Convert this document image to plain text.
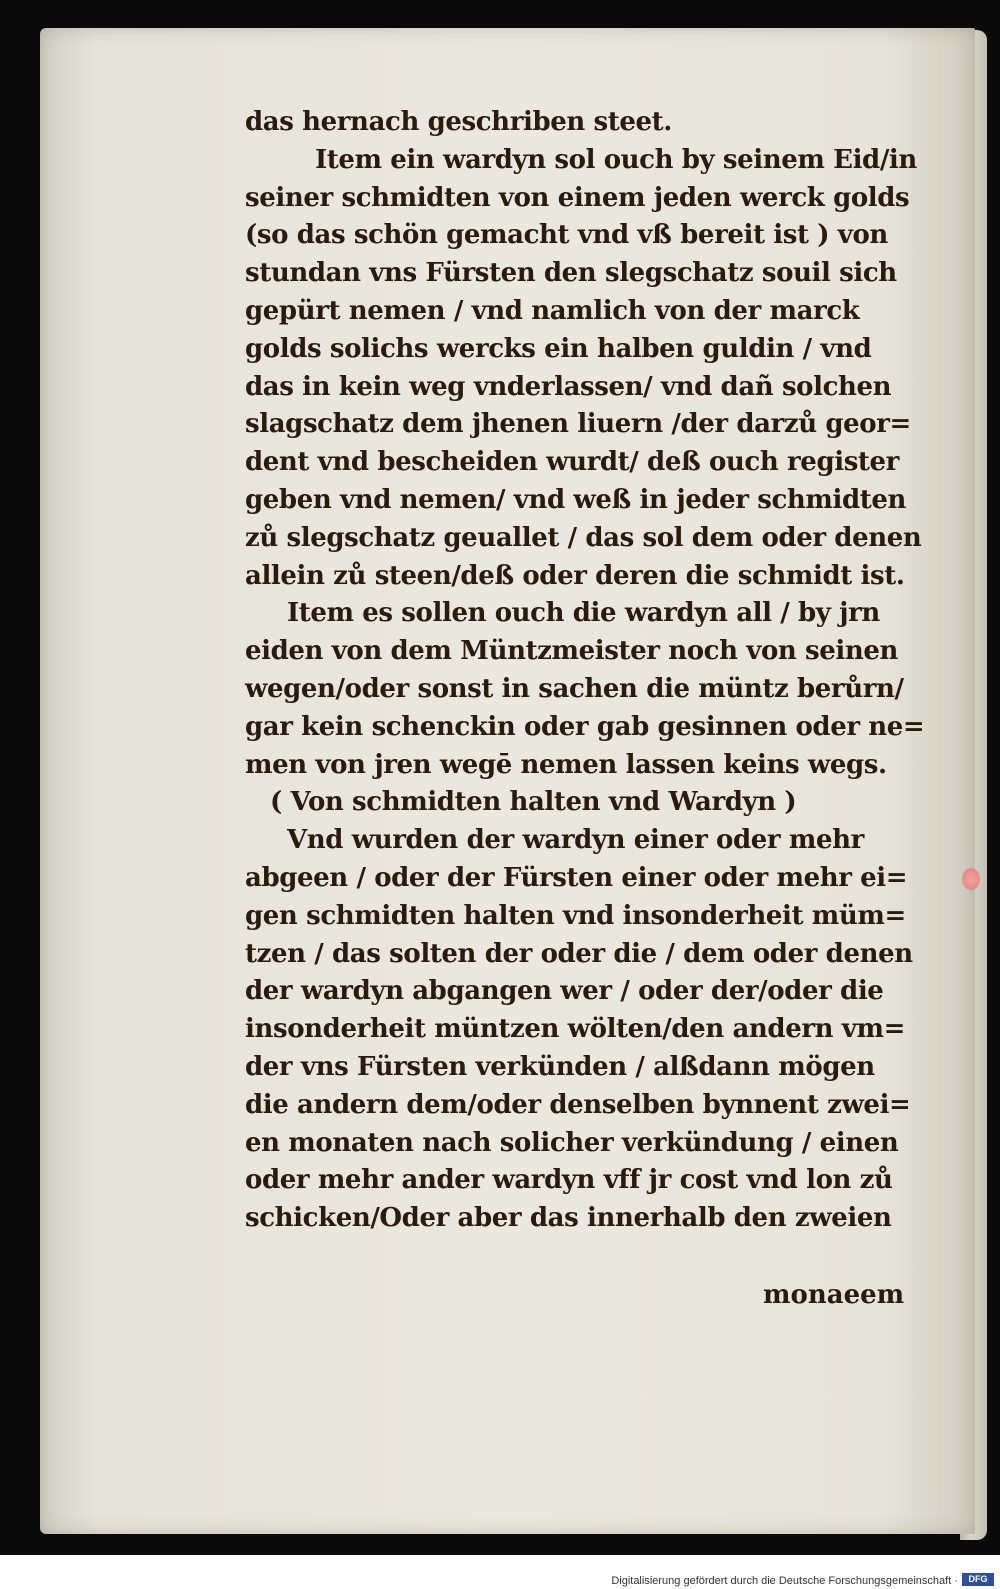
das hernach geschriben steet.
Item ein wardyn sol ouch by seinem Eid/in
seiner schmidten von einem jeden werck golds
(so das schön gemacht vnd vß bereit ist ) von
stundan vns Fürsten den slegschatz souil sich
gepürt nemen / vnd namlich von der marck
golds solichs wercks ein halben guldin / vnd
das in kein weg vnderlassen/ vnd dañ solchen
slagschatz dem jhenen liuern /der darzů geor=
dent vnd bescheiden wurdt/ deß ouch register
geben vnd nemen/ vnd weß in jeder schmidten
zů slegschatz geuallet / das sol dem oder denen
allein zů steen/deß oder deren die schmidt ist.
Item es sollen ouch die wardyn all / by jrn
eiden von dem Müntzmeister noch von seinen
wegen/oder sonst in sachen die müntz berůrn/
gar kein schenckin oder gab gesinnen oder ne=
men von jren wegē nemen lassen keins wegs.
( Von schmidten halten vnd Wardyn )
Vnd wurden der wardyn einer oder mehr
abgeen / oder der Fürsten einer oder mehr ei=
gen schmidten halten vnd insonderheit müm=
tzen / das solten der oder die / dem oder denen
der wardyn abgangen wer / oder der/oder die
insonderheit müntzen wölten/den andern vm=
der vns Fürsten verkünden / alßdann mögen
die andern dem/oder denselben bynnent zwei=
en monaten nach solicher verkündung / einen
oder mehr ander wardyn vff jr cost vnd lon zů
schicken/Oder aber das innerhalb den zweien
monaeem
Digitalisierung gefördert durch die Deutsche Forschungsgemeinschaft ·	DFG
